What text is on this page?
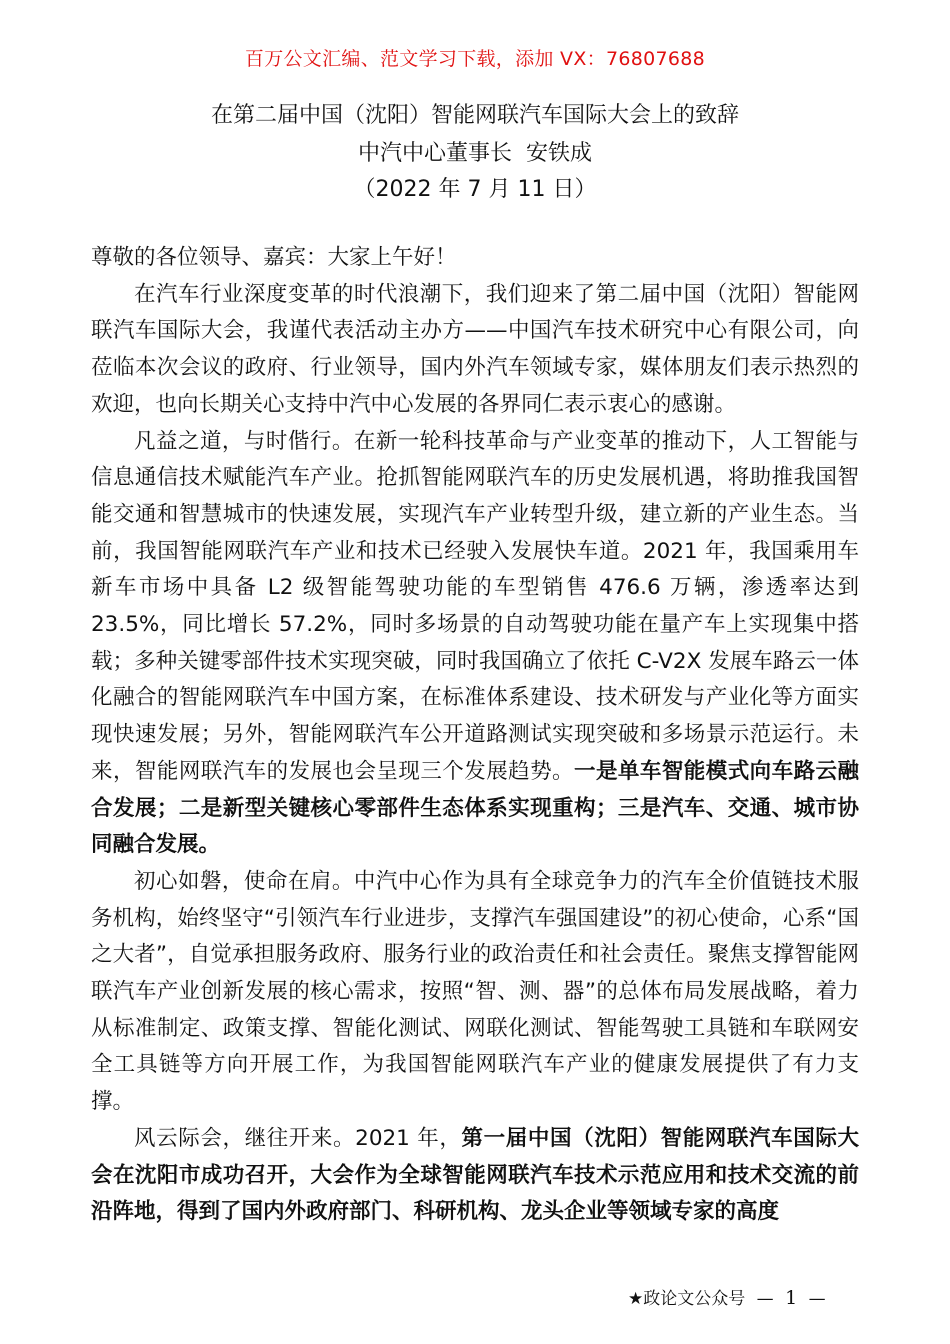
百万公文汇编、范文学习下载，添加 VX：76807688
在第二届中国（沈阳）智能网联汽车国际大会上的致辞
中汽中心董事长  安铁成
（2022 年 7 月 11 日）

尊敬的各位领导、嘉宾：大家上午好！

在汽车行业深度变革的时代浪潮下，我们迎来了第二届中国（沈阳）智能网联汽车国际大会，我谨代表活动主办方——中国汽车技术研究中心有限公司，向莅临本次会议的政府、行业领导，国内外汽车领域专家，媒体朋友们表示热烈的欢迎，也向长期关心支持中汽中心发展的各界同仁表示衷心的感谢。

凡益之道，与时偕行。在新一轮科技革命与产业变革的推动下，人工智能与信息通信技术赋能汽车产业。抢抓智能网联汽车的历史发展机遇，将助推我国智能交通和智慧城市的快速发展，实现汽车产业转型升级，建立新的产业生态。当前，我国智能网联汽车产业和技术已经驶入发展快车道。2021 年，我国乘用车新车市场中具备 L2 级智能驾驶功能的车型销售 476.6 万辆，渗透率达到 23.5%，同比增长 57.2%，同时多场景的自动驾驶功能在量产车上实现集中搭载；多种关键零部件技术实现突破，同时我国确立了依托 C-V2X 发展车路云一体化融合的智能网联汽车中国方案，在标准体系建设、技术研发与产业化等方面实现快速发展；另外，智能网联汽车公开道路测试实现突破和多场景示范运行。未来，智能网联汽车的发展也会呈现三个发展趋势。一是单车智能模式向车路云融合发展；二是新型关键核心零部件生态体系实现重构；三是汽车、交通、城市协同融合发展。

初心如磐，使命在肩。中汽中心作为具有全球竞争力的汽车全价值链技术服务机构，始终坚守“引领汽车行业进步，支撑汽车强国建设”的初心使命，心系“国之大者”，自觉承担服务政府、服务行业的政治责任和社会责任。聚焦支撑智能网联汽车产业创新发展的核心需求，按照“智、测、器”的总体布局发展战略，着力从标准制定、政策支撑、智能化测试、网联化测试、智能驾驶工具链和车联网安全工具链等方向开展工作，为我国智能网联汽车产业的健康发展提供了有力支撑。

风云际会，继往开来。2021 年，第一届中国（沈阳）智能网联汽车国际大会在沈阳市成功召开，大会作为全球智能网联汽车技术示范应用和技术交流的前沿阵地，得到了国内外政府部门、科研机构、龙头企业等领域专家的高度

★政论文公众号 — 1 —
